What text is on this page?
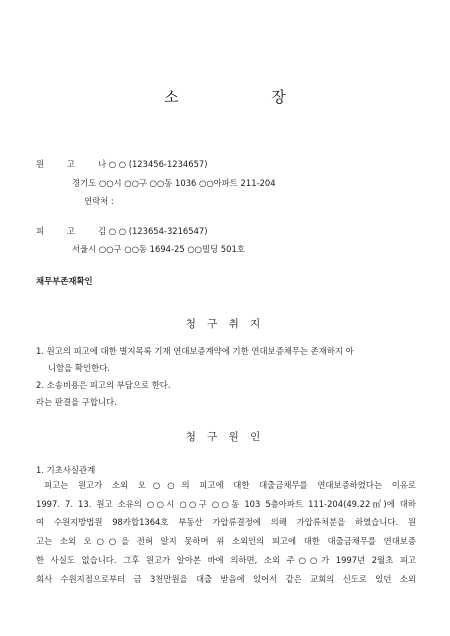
소 장
원 고 나 ○ ○ (123456-1234657)
경기도 ○○시 ○○구 ○○동 1036 ○○아파트 211-204
연락처 :
피 고 김 ○ ○ (123654-3216547)
서울시 ○○구 ○○동 1694-25 ○○빌딩 501호
채무부존재확인
청 구 취 지
1. 원고의 피고에 대한 별지목록 기재 연대보증계약에 기한 연대보증채무는 존재하지 아
니함을 확인한다.
2. 소송비용은 피고의 부담으로 한다.
라는 판결을 구합니다.
청 구 원 인
1. 기초사실관계
피고는 원고가 소외 오○○의 피고에 대한 대출금채무를 연대보증하였다는 이유로
1997. 7. 13. 원고 소유의 ○○시 ○○구 ○○동 103 5층아파트 111-204(49.22㎡)에 대하
여 수원지방법원 98카합1364호 부동산 가압류결정에 의해 가압류처분을 하였습니다. 원
고는 소외 오○○을 전혀 알지 못하며 위 소외인의 피고에 대한 대출금채무를 연대보증
한 사실도 없습니다. 그후 원고가 알아본 바에 의하면, 소외 주○○가 1997년 2월초 피고
회사 수원지점으로부터 금 3천만원을 대출 받음에 있어서 같은 교회의 신도로 있던 소외
